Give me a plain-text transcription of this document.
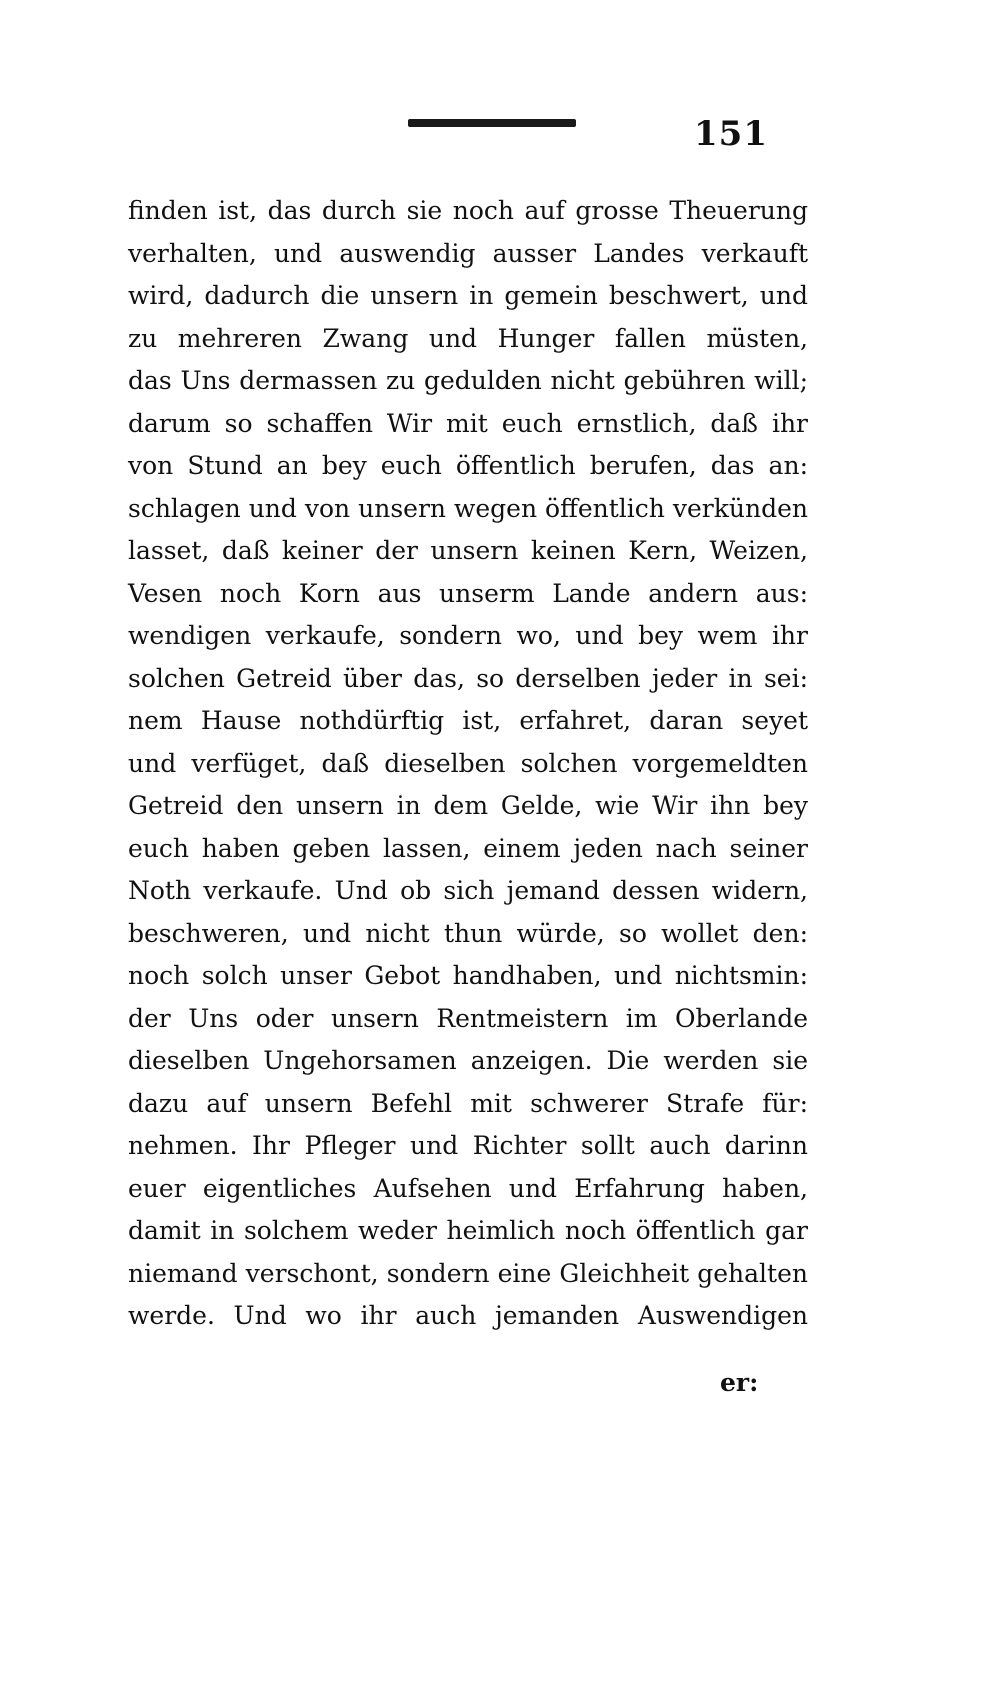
151
finden ist, das durch sie noch auf grosse Theuerung
verhalten, und auswendig ausser Landes verkauft
wird, dadurch die unsern in gemein beschwert, und
zu mehreren Zwang und Hunger fallen müsten,
das Uns dermassen zu gedulden nicht gebühren will;
darum so schaffen Wir mit euch ernstlich, daß ihr
von Stund an bey euch öffentlich berufen, das an:
schlagen und von unsern wegen öffentlich verkünden
lasset, daß keiner der unsern keinen Kern, Weizen,
Vesen noch Korn aus unserm Lande andern aus:
wendigen verkaufe, sondern wo, und bey wem ihr
solchen Getreid über das, so derselben jeder in sei:
nem Hause nothdürftig ist, erfahret, daran seyet
und verfüget, daß dieselben solchen vorgemeldten
Getreid den unsern in dem Gelde, wie Wir ihn bey
euch haben geben lassen, einem jeden nach seiner
Noth verkaufe. Und ob sich jemand dessen widern,
beschweren, und nicht thun würde, so wollet den:
noch solch unser Gebot handhaben, und nichtsmin:
der Uns oder unsern Rentmeistern im Oberlande
dieselben Ungehorsamen anzeigen. Die werden sie
dazu auf unsern Befehl mit schwerer Strafe für:
nehmen. Ihr Pfleger und Richter sollt auch darinn
euer eigentliches Aufsehen und Erfahrung haben,
damit in solchem weder heimlich noch öffentlich gar
niemand verschont, sondern eine Gleichheit gehalten
werde. Und wo ihr auch jemanden Auswendigen
er:
